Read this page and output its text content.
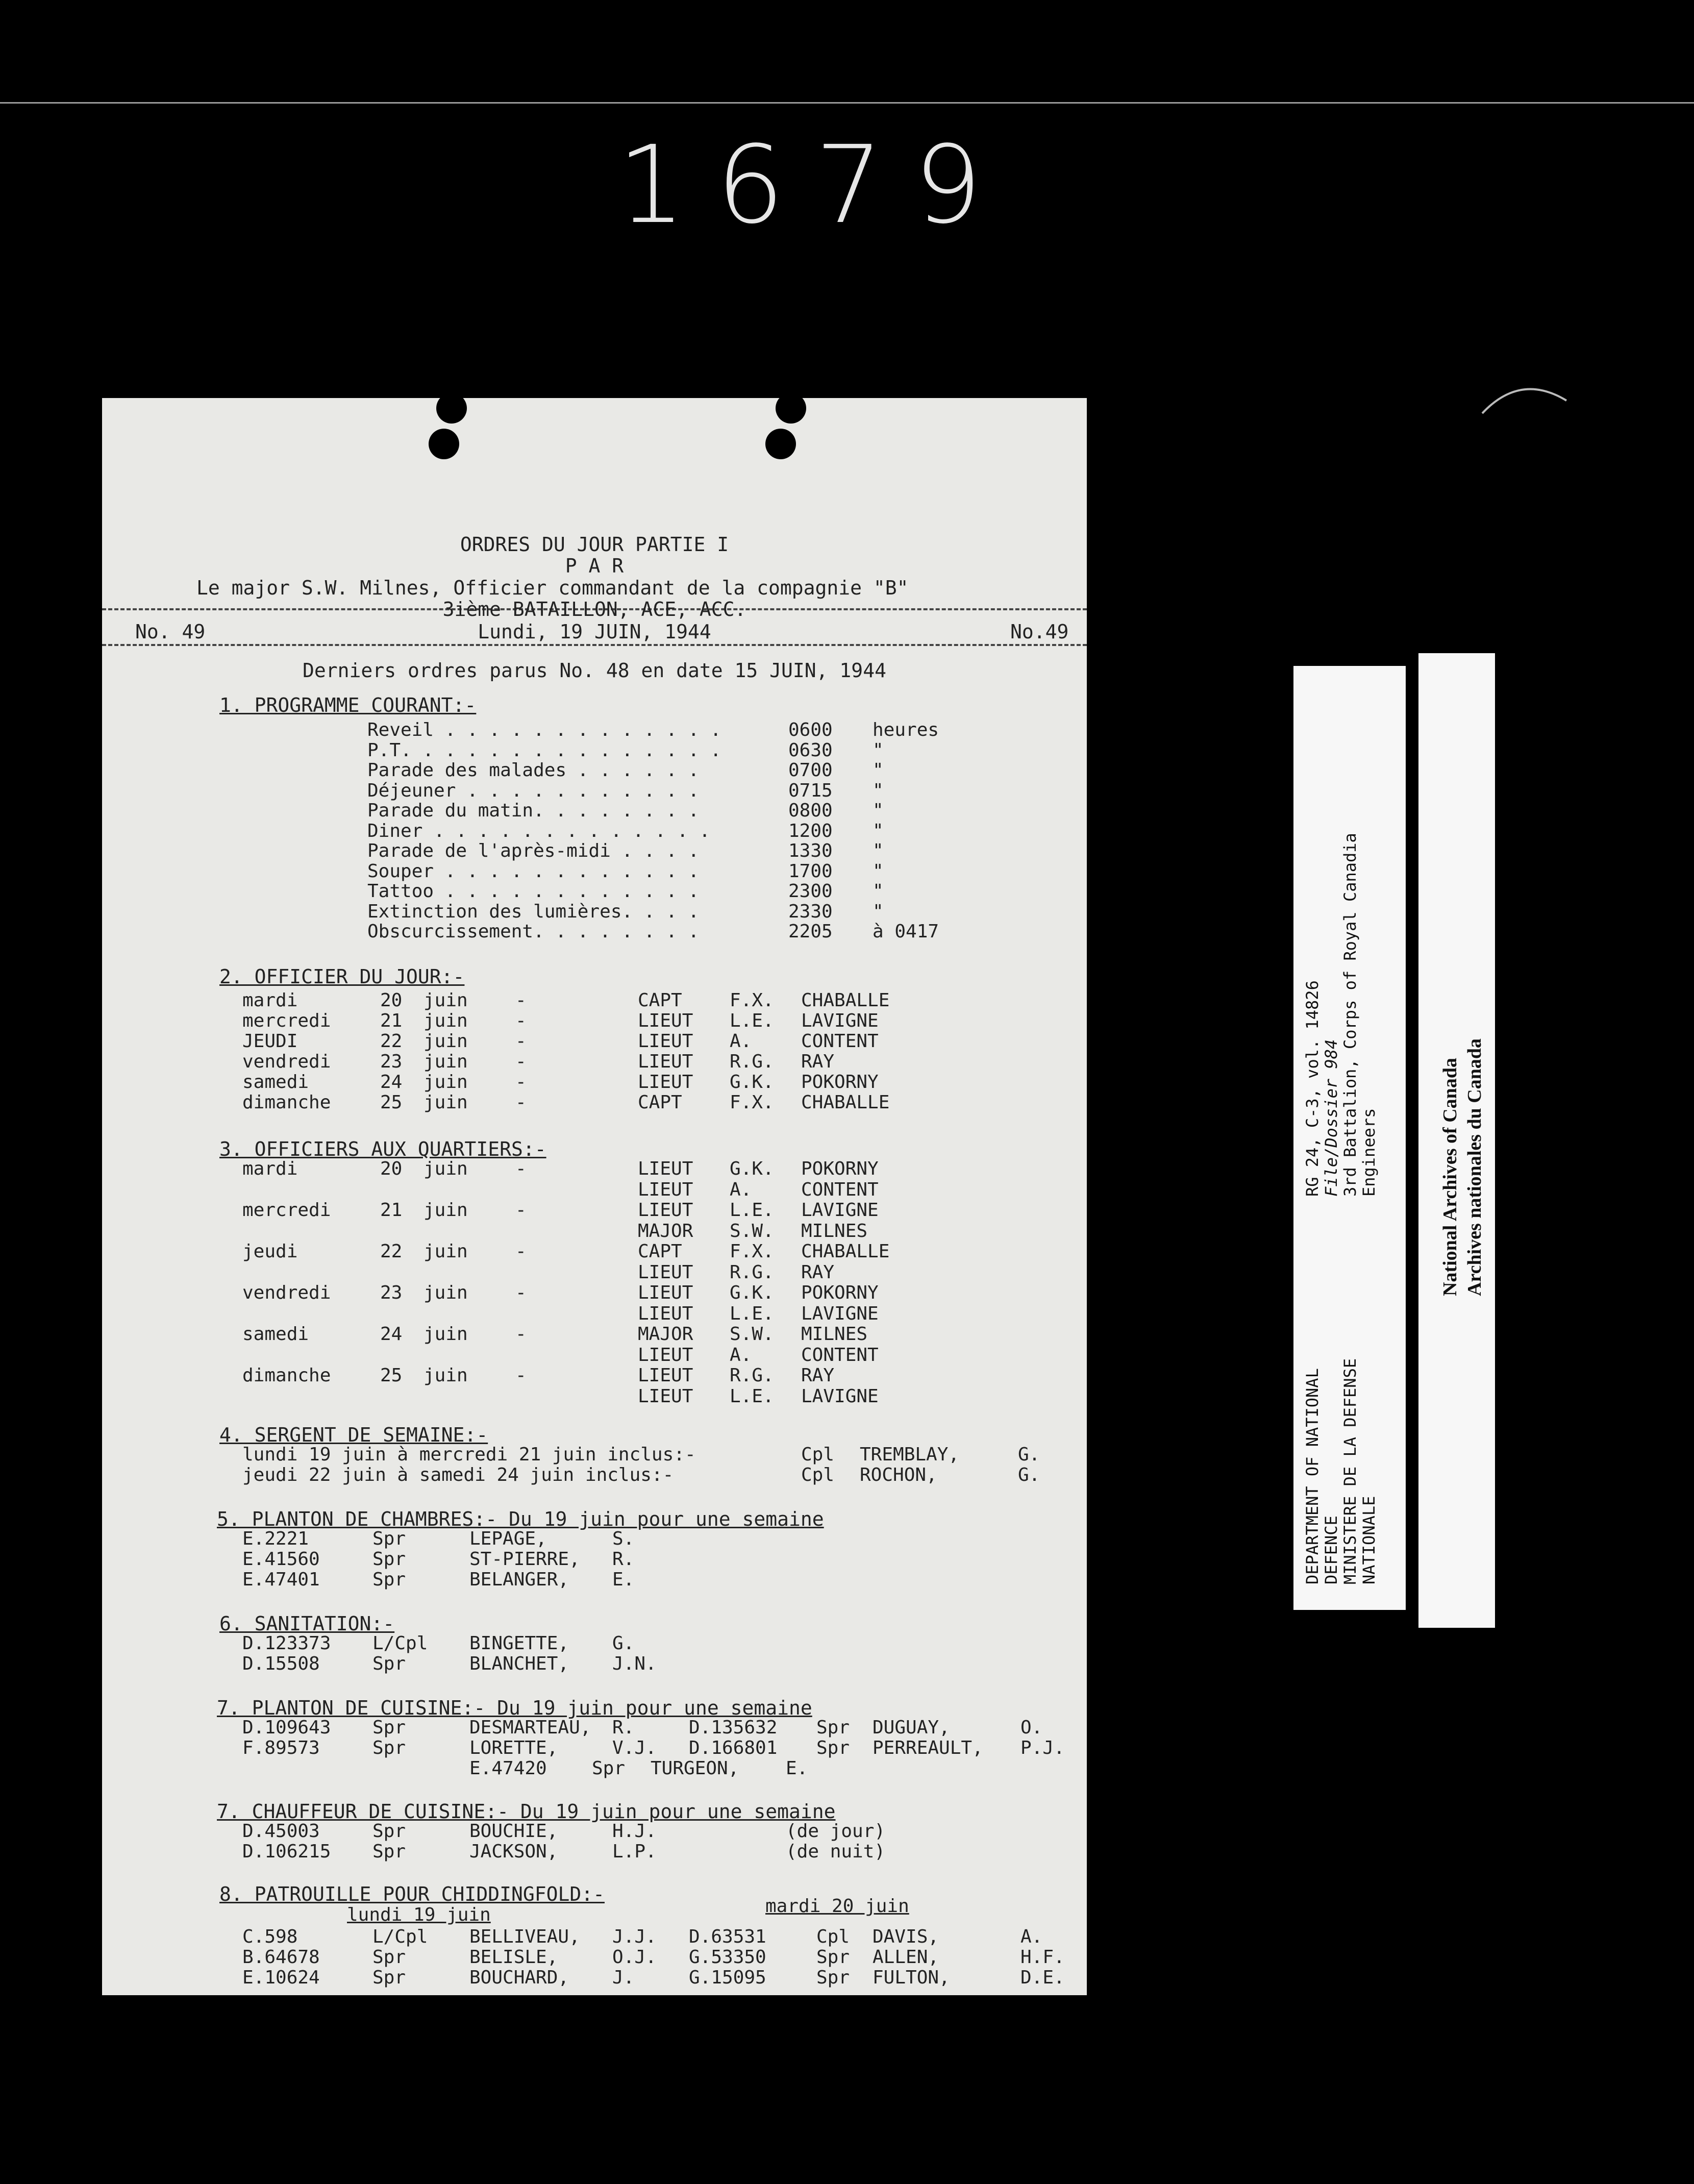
1679
ORDRES DU JOUR PARTIE I
P A R
Le major S.W. Milnes, Officier commandant de la compagnie "B"
3ième BATAILLON, ACE, ACC.
No. 49	Lundi, 19 JUIN, 1944	No.49
Derniers ordres parus No. 48 en date 15 JUIN, 1944
1. PROGRAMME COURANT:-
Reveil . . . . . . . . . . . . .	0600 heures
P.T. . . . . . . . . . . . . . .	0630 "
Parade des malades . . . . . .	0700 "
Déjeuner . . . . . . . . . . .	0715 "
Parade du matin. . . . . . . .	0800 "
Diner . . . . . . . . . . . . .	1200 "
Parade de l'après-midi . . . .	1330 "
Souper . . . . . . . . . . . .	1700 "
Tattoo . . . . . . . . . . . .	2300 "
Extinction des lumières. . . .	2330 "
Obscurcissement. . . . . . . .	2205 à 0417
2. OFFICIER DU JOUR:-
mardi	20 juin	-	CAPT	F.X. CHABALLE
mercredi	21 juin	-	LIEUT L.E. LAVIGNE
JEUDI	22 juin	-	LIEUT A.	CONTENT
vendredi	23 juin	-	LIEUT R.G. RAY
samedi	24 juin	-	LIEUT G.K. POKORNY
dimanche	25 juin	-	CAPT	F.X. CHABALLE
3. OFFICIERS AUX QUARTIERS:-
mardi	20 juin	-	LIEUT G.K. POKORNY
LIEUT A.	CONTENT
mercredi	21 juin	-	LIEUT L.E. LAVIGNE
MAJOR S.W. MILNES
jeudi	22 juin	-	CAPT	F.X. CHABALLE
LIEUT R.G. RAY
vendredi	23 juin	-	LIEUT G.K. POKORNY
LIEUT L.E. LAVIGNE
samedi	24 juin	-	MAJOR S.W. MILNES
LIEUT A.	CONTENT
dimanche	25 juin	-	LIEUT R.G. RAY
LIEUT L.E. LAVIGNE
4. SERGENT DE SEMAINE:-
lundi 19 juin à mercredi 21 juin inclus:-	Cpl TREMBLAY,	G.
jeudi 22 juin à samedi 24 juin inclus:-	Cpl ROCHON,	G.
5. PLANTON DE CHAMBRES:- Du 19 juin pour une semaine
E.2221	Spr	LEPAGE,	S.
E.41560	Spr	ST-PIERRE, R.
E.47401	Spr	BELANGER, E.
6. SANITATION:-
D.123373 L/Cpl BINGETTE, G.
D.15508	Spr	BLANCHET, J.N.
7. PLANTON DE CUISINE:- Du 19 juin pour une semaine
D.109643 Spr	DESMARTEAU, R.	D.135632 Spr DUGUAY,	O.
F.89573	Spr	LORETTE,	V.J. D.166801 Spr PERREAULT, P.J.
E.47420 Spr TURGEON,	E.
7. CHAUFFEUR DE CUISINE:- Du 19 juin pour une semaine
D.45003	Spr	BOUCHIE,	H.J.	(de jour)
D.106215 Spr	JACKSON,	L.P.	(de nuit)
8. PATROUILLE POUR CHIDDINGFOLD:-
lundi 19 juin	mardi 20 juin
C.598	L/Cpl BELLIVEAU, J.J. D.63531	Cpl DAVIS,	A.
B.64678	Spr	BELISLE,	O.J. G.53350	Spr ALLEN,	H.F.
E.10624	Spr	BOUCHARD, J.	G.15095	Spr FULTON,	D.E.
DEPARTMENT OF NATIONAL DEFENCE MINISTERE DE LA DEFENSE NATIONALE
RG 24, C-3, vol. 14826 File/Dossier 984 3rd Battalion, Corps of Royal Canadia Engineers	National Archives of Canada Archives nationales du Canada
